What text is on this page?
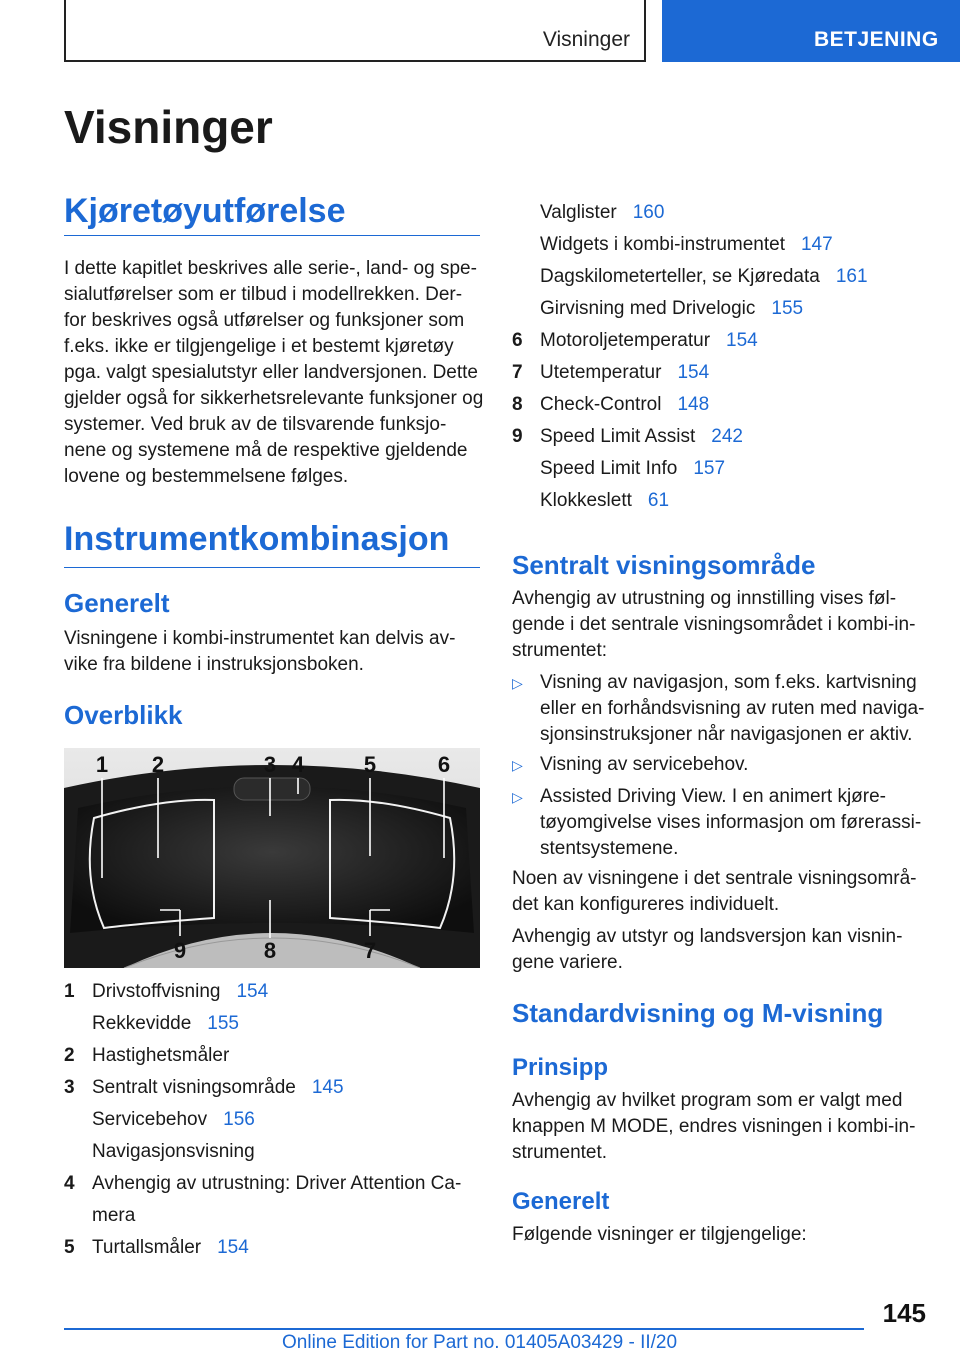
Visninger	BETJENING
Visninger
Kjøretøyutførelse

I dette kapitlet beskrives alle serie-, land- og spe-sialutførelser som er tilbud i modellrekken. Der-for beskrives også utførelser og funksjoner som f.eks. ikke er tilgjengelige i et bestemt kjøretøy pga. valgt spesialutstyr eller landversjonen. Dette gjelder også for sikkerhetsrelevante funksjoner og systemer. Ved bruk av de tilsvarende funksjo-nene og systemene må de respektive gjeldende lovene og bestemmelsene følges.

Instrumentkombinasjon
Generelt

Visningene i kombi-instrumentet kan delvis av-vike fra bildene i instruksjonsboken.

Overblikk
1 2	3 4	5	6
9	8	7
1 Drivstoffvisning 154
Rekkevidde 155
2 Hastighetsmåler
3 Sentralt visningsområde 145
Servicebehov 156
Navigasjonsvisning
4 Avhengig av utrustning: Driver Attention Ca-
mera
5 Turtallsmåler 154
Valglister 160
Widgets i kombi-instrumentet 147
Dagskilometerteller, se Kjøredata 161
Girvisning med Drivelogic 155
6 Motoroljetemperatur 154
7 Utetemperatur 154
8 Check-Control 148
9 Speed Limit Assist 242
Speed Limit Info 157
Klokkeslett 61
Sentralt visningsområde

Avhengig av utrustning og innstilling vises føl-gende i det sentrale visningsområdet i kombi-in-strumentet:

▷ Visning av navigasjon, som f.eks. kartvisning eller en forhåndsvisning av ruten med naviga-sjonsinstruksjoner når navigasjonen er aktiv.
▷ Visning av servicebehov.
▷ Assisted Driving View. I en animert kjøre-tøyomgivelse vises informasjon om førerassi-stentsystemene.

Noen av visningene i det sentrale visningsområ-det kan konfigureres individuelt.

Avhengig av utstyr og landsversjon kan visnin-gene variere.

Standardvisning og M-visning
Prinsipp

Avhengig av hvilket program som er valgt med knappen M MODE, endres visningen i kombi-in-strumentet.

Generelt

Følgende visninger er tilgjengelige:

145
Online Edition for Part no. 01405A03429 - II/20
